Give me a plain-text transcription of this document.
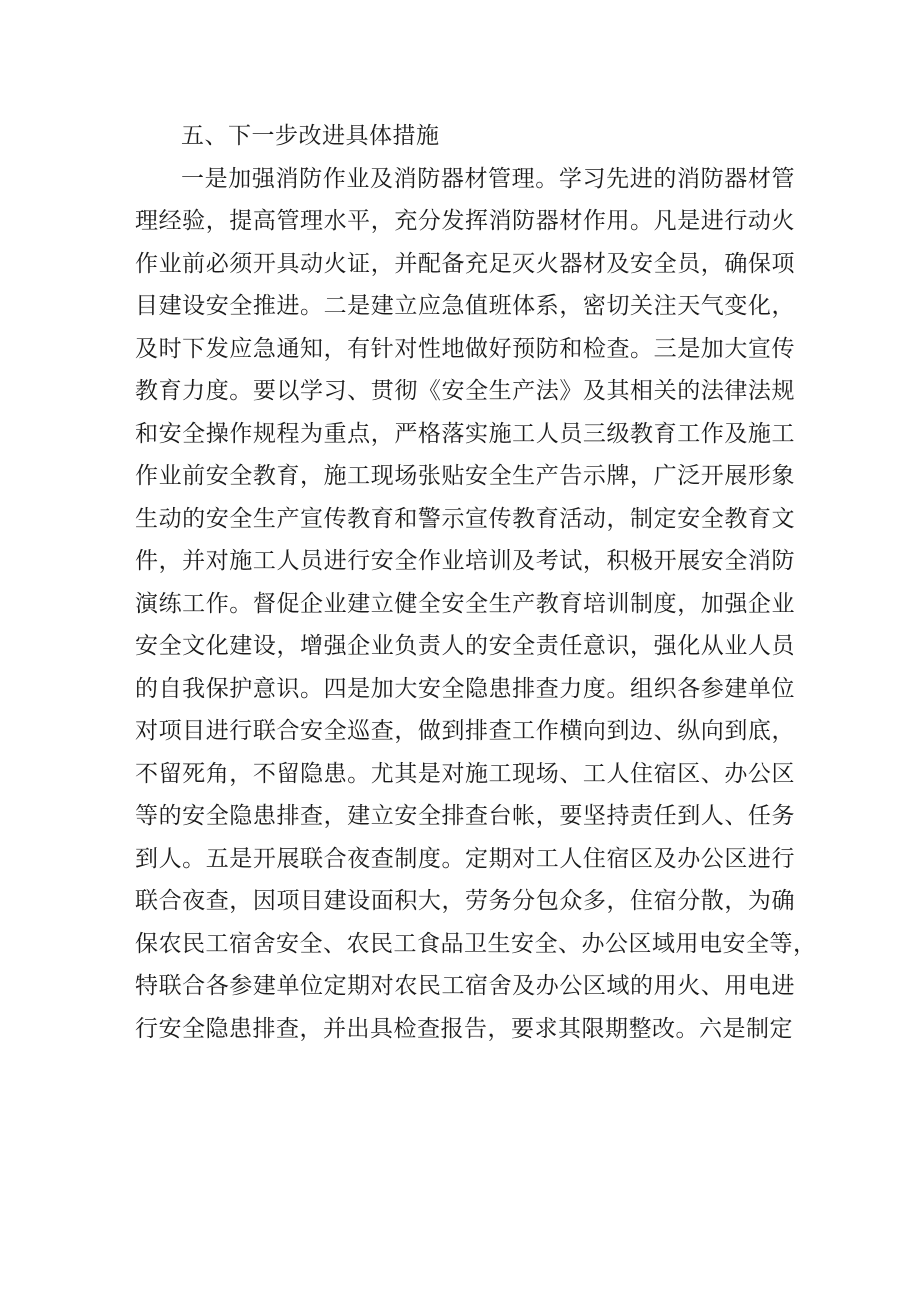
五、下一步改进具体措施

一是加强消防作业及消防器材管理。学习先进的消防器材管
理经验，提高管理水平，充分发挥消防器材作用。凡是进行动火
作业前必须开具动火证，并配备充足灭火器材及安全员，确保项
目建设安全推进。二是建立应急值班体系，密切关注天气变化，
及时下发应急通知，有针对性地做好预防和检查。三是加大宣传
教育力度。要以学习、贯彻《安全生产法》及其相关的法律法规
和安全操作规程为重点，严格落实施工人员三级教育工作及施工
作业前安全教育，施工现场张贴安全生产告示牌，广泛开展形象
生动的安全生产宣传教育和警示宣传教育活动，制定安全教育文
件，并对施工人员进行安全作业培训及考试，积极开展安全消防
演练工作。督促企业建立健全安全生产教育培训制度，加强企业
安全文化建设，增强企业负责人的安全责任意识，强化从业人员
的自我保护意识。四是加大安全隐患排查力度。组织各参建单位
对项目进行联合安全巡查，做到排查工作横向到边、纵向到底，
不留死角，不留隐患。尤其是对施工现场、工人住宿区、办公区
等的安全隐患排查，建立安全排查台帐，要坚持责任到人、任务
到人。五是开展联合夜查制度。定期对工人住宿区及办公区进行
联合夜查，因项目建设面积大，劳务分包众多，住宿分散，为确
保农民工宿舍安全、农民工食品卫生安全、办公区域用电安全等，
特联合各参建单位定期对农民工宿舍及办公区域的用火、用电进
行安全隐患排查，并出具检查报告，要求其限期整改。六是制定
